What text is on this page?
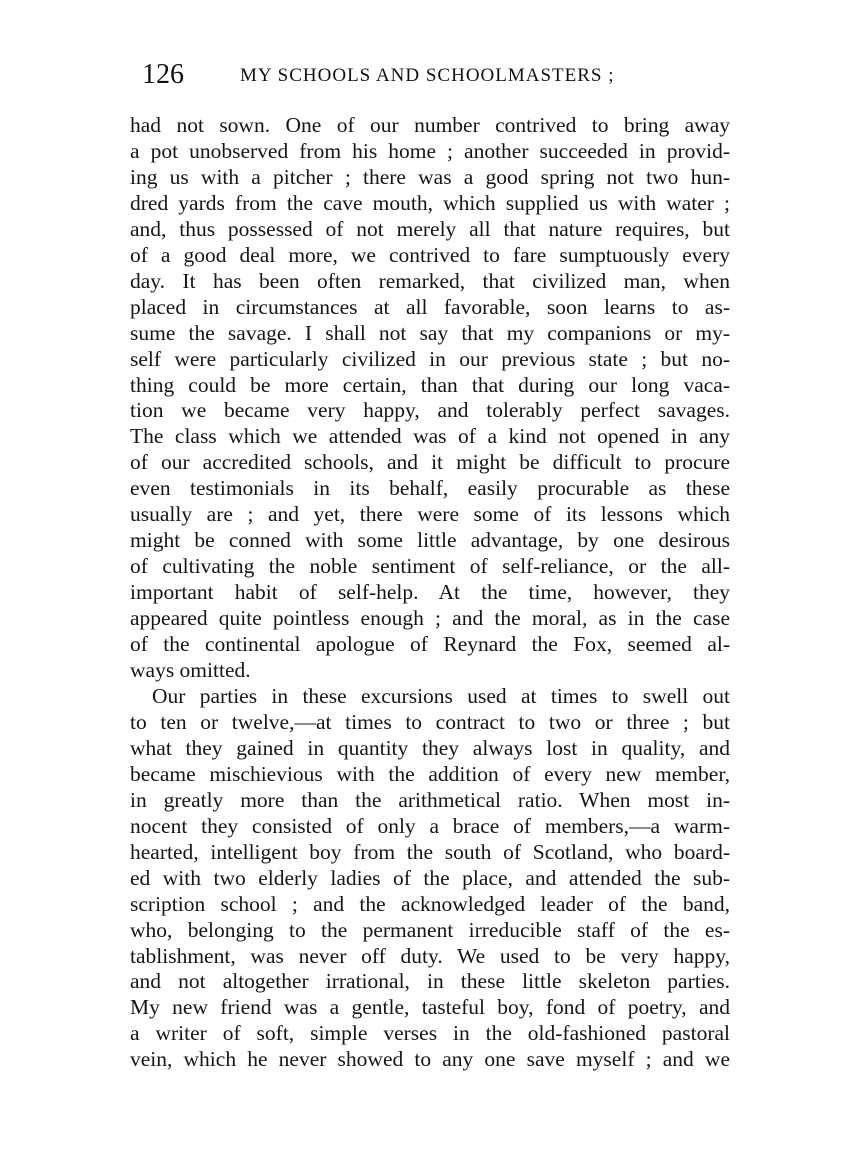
126	MY SCHOOLS AND SCHOOLMASTERS ;
had not sown. One of our number contrived to bring away
a pot unobserved from his home ; another succeeded in provid-
ing us with a pitcher ; there was a good spring not two hun-
dred yards from the cave mouth, which supplied us with water ;
and, thus possessed of not merely all that nature requires, but
of a good deal more, we contrived to fare sumptuously every
day. It has been often remarked, that civilized man, when
placed in circumstances at all favorable, soon learns to as-
sume the savage. I shall not say that my companions or my-
self were particularly civilized in our previous state ; but no-
thing could be more certain, than that during our long vaca-
tion we became very happy, and tolerably perfect savages.
The class which we attended was of a kind not opened in any
of our accredited schools, and it might be difficult to procure
even testimonials in its behalf, easily procurable as these
usually are ; and yet, there were some of its lessons which
might be conned with some little advantage, by one desirous
of cultivating the noble sentiment of self-reliance, or the all-
important habit of self-help. At the time, however, they
appeared quite pointless enough ; and the moral, as in the case
of the continental apologue of Reynard the Fox, seemed al-
ways omitted.
Our parties in these excursions used at times to swell out
to ten or twelve,—at times to contract to two or three ; but
what they gained in quantity they always lost in quality, and
became mischievious with the addition of every new member,
in greatly more than the arithmetical ratio. When most in-
nocent they consisted of only a brace of members,—a warm-
hearted, intelligent boy from the south of Scotland, who board-
ed with two elderly ladies of the place, and attended the sub-
scription school ; and the acknowledged leader of the band,
who, belonging to the permanent irreducible staff of the es-
tablishment, was never off duty. We used to be very happy,
and not altogether irrational, in these little skeleton parties.
My new friend was a gentle, tasteful boy, fond of poetry, and
a writer of soft, simple verses in the old-fashioned pastoral
vein, which he never showed to any one save myself ; and we
